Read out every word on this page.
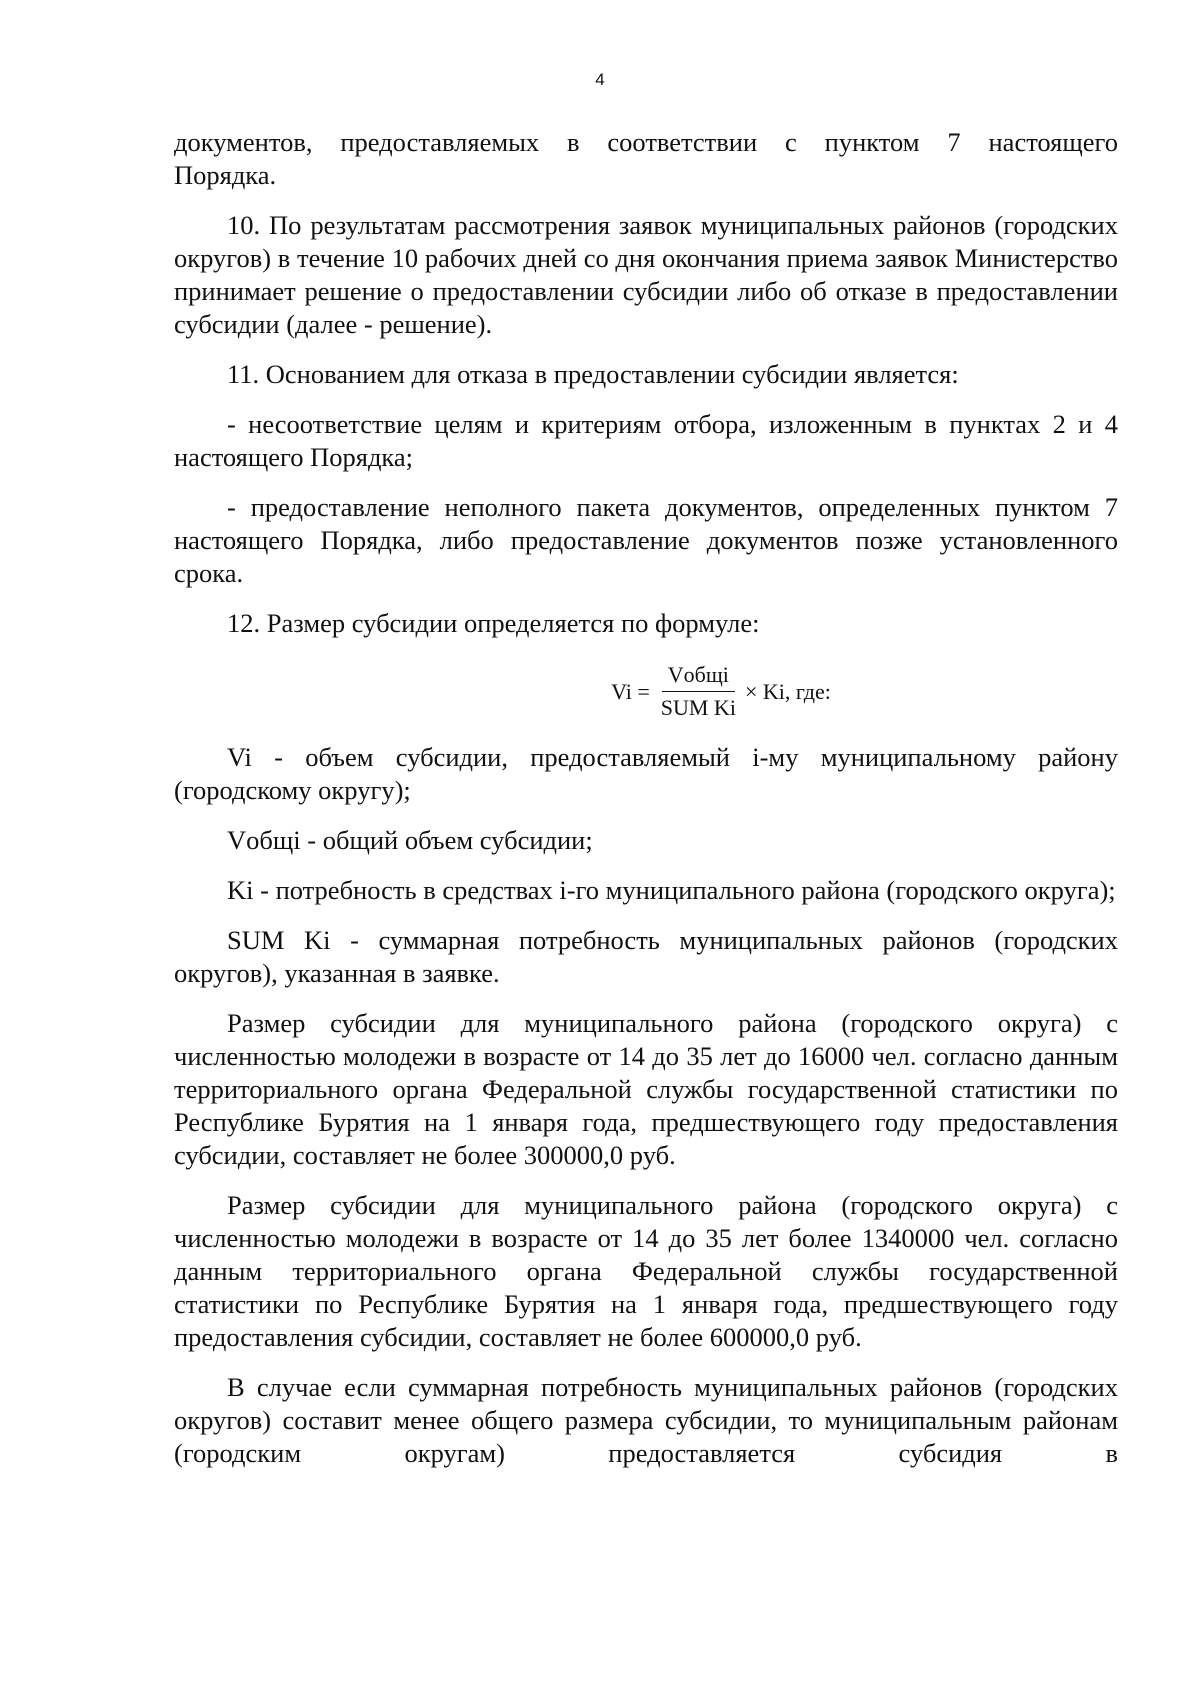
4

документов, предоставляемых в соответствии с пунктом 7 настоящего

Порядка.

10. По результатам рассмотрения заявок муниципальных районов (городских округов) в течение 10 рабочих дней со дня окончания приема заявок Министерство принимает решение о предоставлении субсидии либо об отказе в предоставлении субсидии (далее - решение).

11. Основанием для отказа в предоставлении субсидии является:

- несоответствие целям и критериям отбора, изложенным в пунктах 2 и 4 настоящего Порядка;

- предоставление неполного пакета документов, определенных пунктом 7 настоящего Порядка, либо предоставление документов позже установленного срока.

12. Размер субсидии определяется по формуле:

$Vi = \frac{\text{Vобщі}}{\text{SUM Ki}} \times Ki$, где:

Vi - объем субсидии, предоставляемый i-му муниципальному району (городскому округу);

Vобщі - общий объем субсидии;

Ki - потребность в средствах i-го муниципального района (городского округа);

SUM Ki - суммарная потребность муниципальных районов (городских округов), указанная в заявке.

Размер субсидии для муниципального района (городского округа) с численностью молодежи в возрасте от 14 до 35 лет до 16000 чел. согласно данным территориального органа Федеральной службы государственной статистики по Республике Бурятия на 1 января года, предшествующего году предоставления субсидии, составляет не более 300000,0 руб.

Размер субсидии для муниципального района (городского округа) с численностью молодежи в возрасте от 14 до 35 лет более 1340000 чел. согласно данным территориального органа Федеральной службы государственной статистики по Республике Бурятия на 1 января года, предшествующего году предоставления субсидии, составляет не более 600000,0 руб.

В случае если суммарная потребность муниципальных районов (городских округов) составит менее общего размера субсидии, то муниципальным районам (городским округам) предоставляется субсидия в
